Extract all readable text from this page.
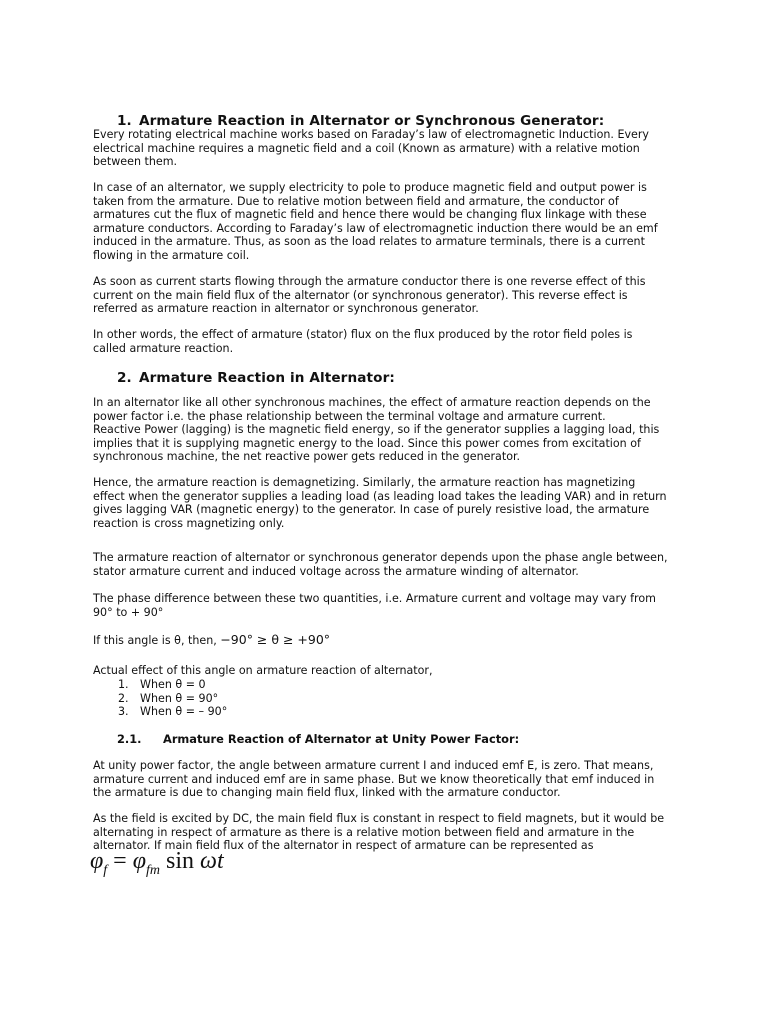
1. Armature Reaction in Alternator or Synchronous Generator:
Every rotating electrical machine works based on Faraday’s law of electromagnetic Induction. Every
electrical machine requires a magnetic field and a coil (Known as armature) with a relative motion
between them.
In case of an alternator, we supply electricity to pole to produce magnetic field and output power is
taken from the armature. Due to relative motion between field and armature, the conductor of
armatures cut the flux of magnetic field and hence there would be changing flux linkage with these
armature conductors. According to Faraday’s law of electromagnetic induction there would be an emf
induced in the armature. Thus, as soon as the load relates to armature terminals, there is a current
flowing in the armature coil.
As soon as current starts flowing through the armature conductor there is one reverse effect of this
current on the main field flux of the alternator (or synchronous generator). This reverse effect is
referred as armature reaction in alternator or synchronous generator.
In other words, the effect of armature (stator) flux on the flux produced by the rotor field poles is
called armature reaction.
2. Armature Reaction in Alternator:
In an alternator like all other synchronous machines, the effect of armature reaction depends on the
power factor i.e. the phase relationship between the terminal voltage and armature current.
Reactive Power (lagging) is the magnetic field energy, so if the generator supplies a lagging load, this
implies that it is supplying magnetic energy to the load. Since this power comes from excitation of
synchronous machine, the net reactive power gets reduced in the generator.
Hence, the armature reaction is demagnetizing. Similarly, the armature reaction has magnetizing
effect when the generator supplies a leading load (as leading load takes the leading VAR) and in return
gives lagging VAR (magnetic energy) to the generator. In case of purely resistive load, the armature
reaction is cross magnetizing only.
The armature reaction of alternator or synchronous generator depends upon the phase angle between,
stator armature current and induced voltage across the armature winding of alternator.
The phase difference between these two quantities, i.e. Armature current and voltage may vary from
90° to + 90°
If this angle is θ, then, −90° ≥ θ ≥ +90°
Actual effect of this angle on armature reaction of alternator,
1. When θ = 0
2. When θ = 90°
3. When θ = – 90°
2.1. Armature Reaction of Alternator at Unity Power Factor:
At unity power factor, the angle between armature current I and induced emf E, is zero. That means,
armature current and induced emf are in same phase. But we know theoretically that emf induced in
the armature is due to changing main field flux, linked with the armature conductor.
As the field is excited by DC, the main field flux is constant in respect to field magnets, but it would be
alternating in respect of armature as there is a relative motion between field and armature in the
alternator. If main field flux of the alternator in respect of armature can be represented as
$\varphi_f = \varphi_{fm}$ sin ωt
